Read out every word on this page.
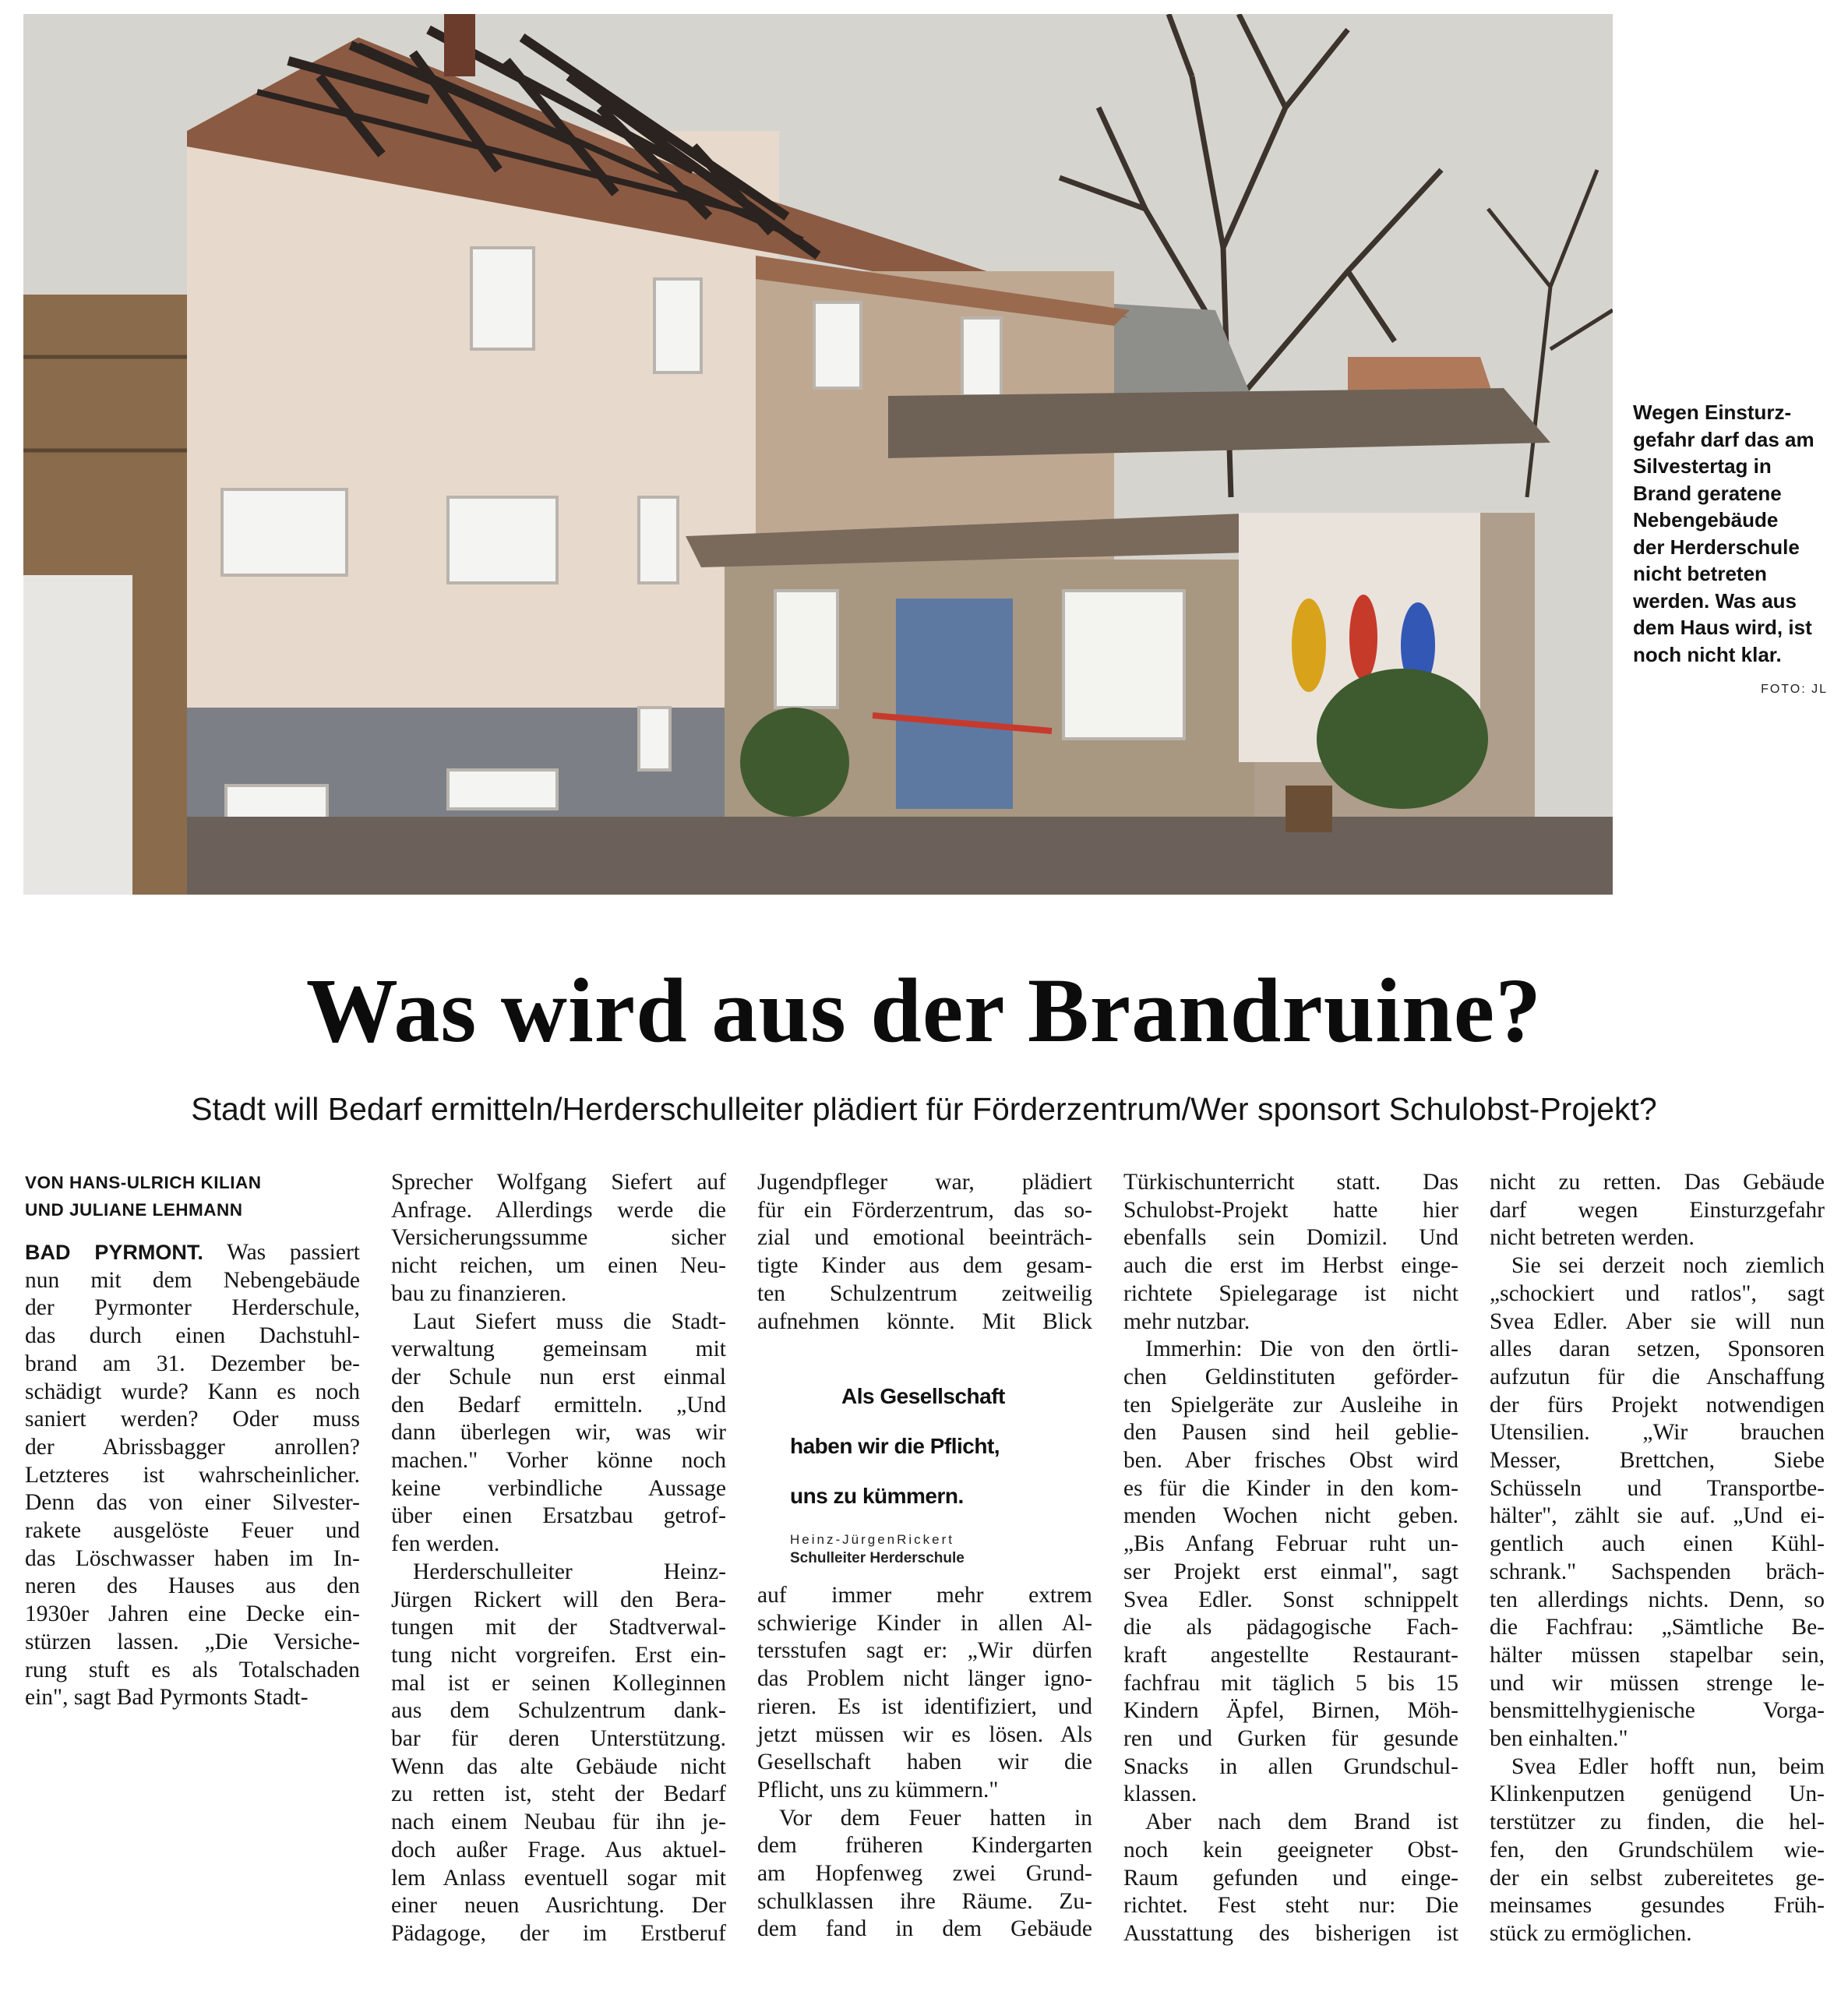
Wegen Einsturz-
gefahr darf das am
Silvestertag in
Brand geratene
Nebengebäude
der Herderschule
nicht betreten
werden. Was aus
dem Haus wird, ist
noch nicht klar.
FOTO: JL
Was wird aus der Brandruine?

Stadt will Bedarf ermitteln/Herderschulleiter plädiert für Förderzentrum/Wer sponsort Schulobst-Projekt?

VON HANS-ULRICH KILIAN
UND JULIANE LEHMANN
BAD PYRMONT. Was passiert
nun mit dem Nebengebäude
der Pyrmonter Herderschule,
das durch einen Dachstuhl-
brand am 31. Dezember be-
schädigt wurde? Kann es noch
saniert werden? Oder muss
der Abrissbagger anrollen?
Letzteres ist wahrscheinlicher.
Denn das von einer Silvester-
rakete ausgelöste Feuer und
das Löschwasser haben im In-
neren des Hauses aus den
1930er Jahren eine Decke ein-
stürzen lassen. „Die Versiche-
rung stuft es als Totalschaden
ein", sagt Bad Pyrmonts Stadt-
Sprecher Wolfgang Siefert auf
Anfrage. Allerdings werde die
Versicherungssumme sicher
nicht reichen, um einen Neu-
bau zu finanzieren.
Laut Siefert muss die Stadt-
verwaltung gemeinsam mit
der Schule nun erst einmal
den Bedarf ermitteln. „Und
dann überlegen wir, was wir
machen." Vorher könne noch
keine verbindliche Aussage
über einen Ersatzbau getrof-
fen werden.
Herderschulleiter Heinz-
Jürgen Rickert will den Bera-
tungen mit der Stadtverwal-
tung nicht vorgreifen. Erst ein-
mal ist er seinen Kolleginnen
aus dem Schulzentrum dank-
bar für deren Unterstützung.
Wenn das alte Gebäude nicht
zu retten ist, steht der Bedarf
nach einem Neubau für ihn je-
doch außer Frage. Aus aktuel-
lem Anlass eventuell sogar mit
einer neuen Ausrichtung. Der
Pädagoge, der im Erstberuf
Jugendpfleger war, plädiert
für ein Förderzentrum, das so-
zial und emotional beeinträch-
tigte Kinder aus dem gesam-
ten Schulzentrum zeitweilig
aufnehmen könnte. Mit Blick
Als Gesellschaft
haben wir die Pflicht,
uns zu kümmern.
Heinz-JürgenRickert
Schulleiter Herderschule
auf immer mehr extrem
schwierige Kinder in allen Al-
tersstufen sagt er: „Wir dürfen
das Problem nicht länger igno-
rieren. Es ist identifiziert, und
jetzt müssen wir es lösen. Als
Gesellschaft haben wir die
Pflicht, uns zu kümmern."
Vor dem Feuer hatten in
dem früheren Kindergarten
am Hopfenweg zwei Grund-
schulklassen ihre Räume. Zu-
dem fand in dem Gebäude
Türkischunterricht statt. Das
Schulobst-Projekt hatte hier
ebenfalls sein Domizil. Und
auch die erst im Herbst einge-
richtete Spielegarage ist nicht
mehr nutzbar.
Immerhin: Die von den örtli-
chen Geldinstituten geförder-
ten Spielgeräte zur Ausleihe in
den Pausen sind heil geblie-
ben. Aber frisches Obst wird
es für die Kinder in den kom-
menden Wochen nicht geben.
„Bis Anfang Februar ruht un-
ser Projekt erst einmal", sagt
Svea Edler. Sonst schnippelt
die als pädagogische Fach-
kraft angestellte Restaurant-
fachfrau mit täglich 5 bis 15
Kindern Äpfel, Birnen, Möh-
ren und Gurken für gesunde
Snacks in allen Grundschul-
klassen.
Aber nach dem Brand ist
noch kein geeigneter Obst-
Raum gefunden und einge-
richtet. Fest steht nur: Die
Ausstattung des bisherigen ist
nicht zu retten. Das Gebäude
darf wegen Einsturzgefahr
nicht betreten werden.
Sie sei derzeit noch ziemlich
„schockiert und ratlos", sagt
Svea Edler. Aber sie will nun
alles daran setzen, Sponsoren
aufzutun für die Anschaffung
der fürs Projekt notwendigen
Utensilien. „Wir brauchen
Messer, Brettchen, Siebe
Schüsseln und Transportbe-
hälter", zählt sie auf. „Und ei-
gentlich auch einen Kühl-
schrank." Sachspenden bräch-
ten allerdings nichts. Denn, so
die Fachfrau: „Sämtliche Be-
hälter müssen stapelbar sein,
und wir müssen strenge le-
bensmittelhygienische Vorga-
ben einhalten."
Svea Edler hofft nun, beim
Klinkenputzen genügend Un-
terstützer zu finden, die hel-
fen, den Grundschülem wie-
der ein selbst zubereitetes ge-
meinsames gesundes Früh-
stück zu ermöglichen.
